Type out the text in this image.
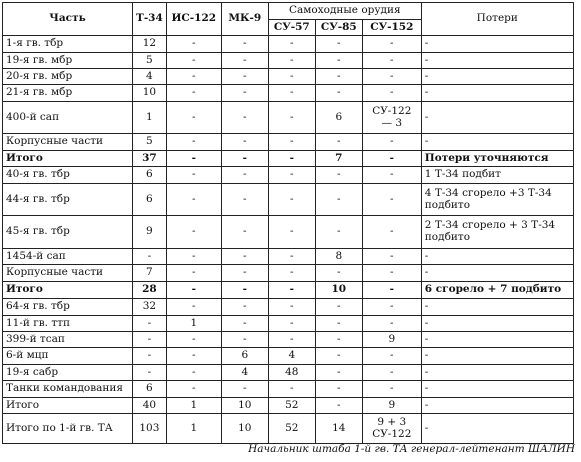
Часть	Т-34	ИС-122	МК-9	Самоходные орудия			Потери
				СУ-57	СУ-85	СУ-152	
1-я гв. тбр	12	-	-	-	-	-	-
19-я гв. мбр	5	-	-	-	-	-	-
20-я гв. мбр	4	-	-	-	-	-	-
21-я гв. мбр	10	-	-	-	-	-	-
400-й сап	1	-	-	-	6	СУ-122 — 3	-
Корпусные части	5	-	-	-	-	-	-
Итого	37	-	-	-	7	-	Потери уточняются
40-я гв. тбр	6	-	-	-	-	-	1 Т-34 подбит
44-я гв. тбр	6	-	-	-	-	-	4 Т-34 сгорело +3 Т-34 подбито
45-я гв. тбр	9	-	-	-	-	-	2 Т-34 сгорело + 3 Т-34 подбито
1454-й сап	-	-	-	-	8	-	-
Корпусные части	7	-	-	-	-	-	-
Итого	28	-	-	-	10	-	6 сгорело + 7 подбито
64-я гв. тбр	32	-	-	-	-	-	-
11-й гв. ттп	-	1	-	-	-	-	-
399-й тсап	-	-	-	-	-	9	-
6-й мцп	-	-	6	4	-	-	-
19-я сабр	-	-	4	48	-	-	-
Танки командования	6	-	-	-	-	-	-
Итого	40	1	10	52	-	9	-
Итого по 1-й гв. ТА	103	1	10	52	14	9 + 3 СУ-122	-
Начальник штаба 1-й гв. ТА генерал-лейтенант ШАЛИН
